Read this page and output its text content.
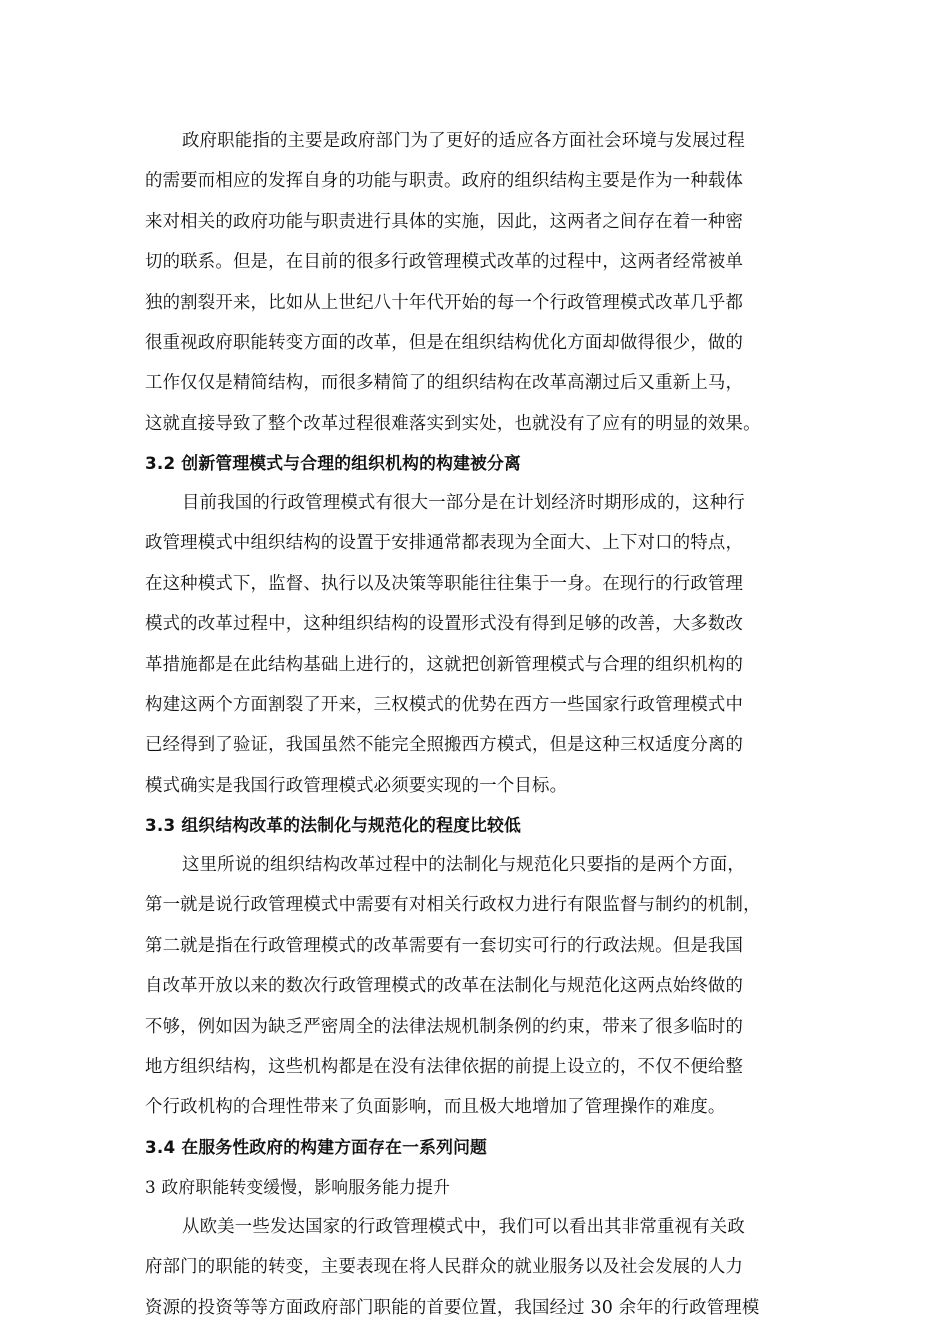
政府职能指的主要是政府部门为了更好的适应各方面社会环境与发展过程
的需要而相应的发挥自身的功能与职责。政府的组织结构主要是作为一种载体
来对相关的政府功能与职责进行具体的实施，因此，这两者之间存在着一种密
切的联系。但是，在目前的很多行政管理模式改革的过程中，这两者经常被单
独的割裂开来，比如从上世纪八十年代开始的每一个行政管理模式改革几乎都
很重视政府职能转变方面的改革，但是在组织结构优化方面却做得很少，做的
工作仅仅是精简结构，而很多精简了的组织结构在改革高潮过后又重新上马，
这就直接导致了整个改革过程很难落实到实处，也就没有了应有的明显的效果。
3.2 创新管理模式与合理的组织机构的构建被分离
目前我国的行政管理模式有很大一部分是在计划经济时期形成的，这种行
政管理模式中组织结构的设置于安排通常都表现为全面大、上下对口的特点，
在这种模式下，监督、执行以及决策等职能往往集于一身。在现行的行政管理
模式的改革过程中，这种组织结构的设置形式没有得到足够的改善，大多数改
革措施都是在此结构基础上进行的，这就把创新管理模式与合理的组织机构的
构建这两个方面割裂了开来，三权模式的优势在西方一些国家行政管理模式中
已经得到了验证，我国虽然不能完全照搬西方模式，但是这种三权适度分离的
模式确实是我国行政管理模式必须要实现的一个目标。
3.3 组织结构改革的法制化与规范化的程度比较低
这里所说的组织结构改革过程中的法制化与规范化只要指的是两个方面，
第一就是说行政管理模式中需要有对相关行政权力进行有限监督与制约的机制，
第二就是指在行政管理模式的改革需要有一套切实可行的行政法规。但是我国
自改革开放以来的数次行政管理模式的改革在法制化与规范化这两点始终做的
不够，例如因为缺乏严密周全的法律法规机制条例的约束，带来了很多临时的
地方组织结构，这些机构都是在没有法律依据的前提上设立的，不仅不便给整
个行政机构的合理性带来了负面影响，而且极大地增加了管理操作的难度。
3.4 在服务性政府的构建方面存在一系列问题
3 政府职能转变缓慢，影响服务能力提升
从欧美一些发达国家的行政管理模式中，我们可以看出其非常重视有关政
府部门的职能的转变，主要表现在将人民群众的就业服务以及社会发展的人力
资源的投资等等方面政府部门职能的首要位置，我国经过 30 余年的行政管理模
